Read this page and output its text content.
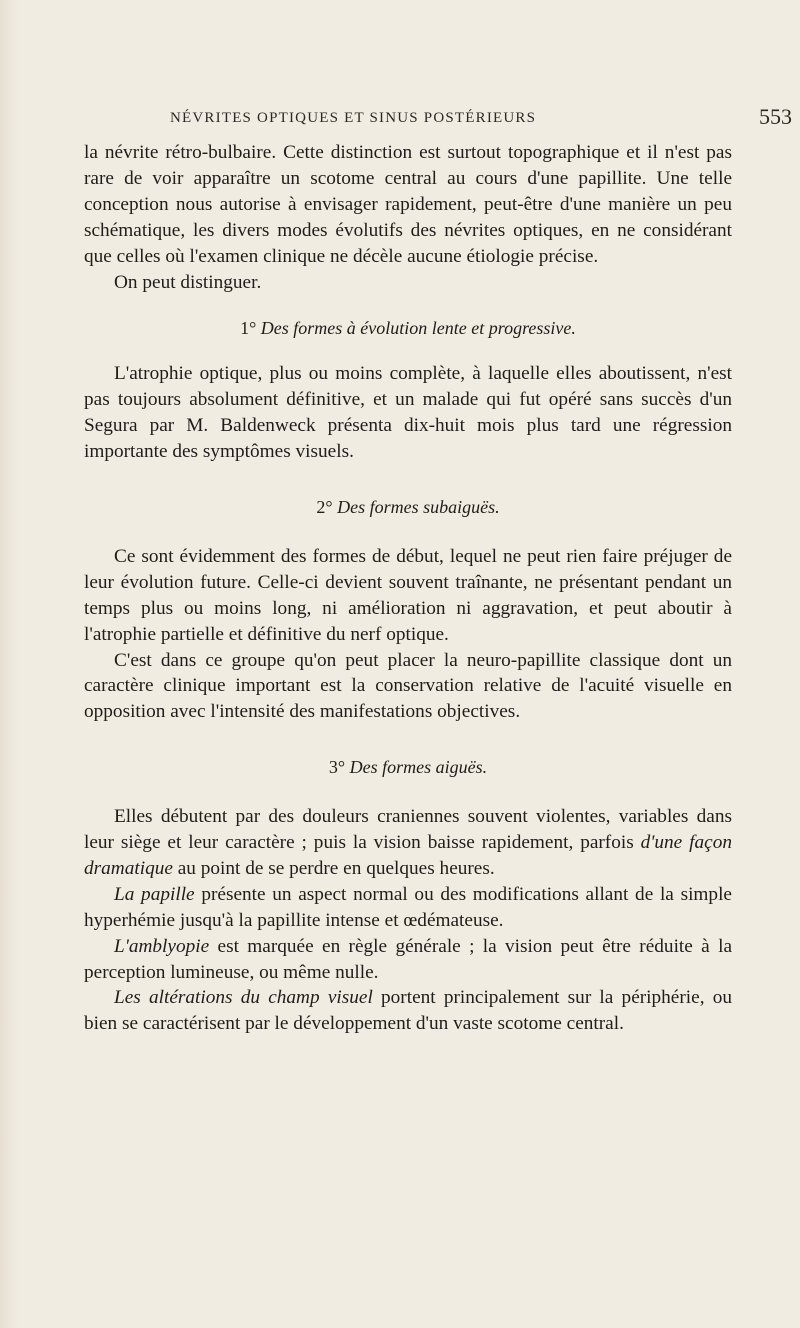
NÉVRITES OPTIQUES ET SINUS POSTÉRIEURS	553

la névrite rétro-bulbaire. Cette distinction est surtout topographique et il n'est pas rare de voir apparaître un scotome central au cours d'une papillite. Une telle conception nous autorise à envisager rapidement, peut-être d'une manière un peu schématique, les divers modes évolutifs des névrites optiques, en ne considérant que celles où l'examen clinique ne décèle aucune étiologie précise.

On peut distinguer.

1° Des formes à évolution lente et progressive.

L'atrophie optique, plus ou moins complète, à laquelle elles aboutissent, n'est pas toujours absolument définitive, et un malade qui fut opéré sans succès d'un Segura par M. Baldenweck présenta dix-huit mois plus tard une régression importante des symptômes visuels.

2° Des formes subaiguës.

Ce sont évidemment des formes de début, lequel ne peut rien faire préjuger de leur évolution future. Celle-ci devient souvent traînante, ne présentant pendant un temps plus ou moins long, ni amélioration ni aggravation, et peut aboutir à l'atrophie partielle et définitive du nerf optique.

C'est dans ce groupe qu'on peut placer la neuro-papillite classique dont un caractère clinique important est la conservation relative de l'acuité visuelle en opposition avec l'intensité des manifestations objectives.

3° Des formes aiguës.

Elles débutent par des douleurs craniennes souvent violentes, variables dans leur siège et leur caractère ; puis la vision baisse rapidement, parfois d'une façon dramatique au point de se perdre en quelques heures.

La papille présente un aspect normal ou des modifications allant de la simple hyperhémie jusqu'à la papillite intense et œdémateuse.

L'amblyopie est marquée en règle générale ; la vision peut être réduite à la perception lumineuse, ou même nulle.

Les altérations du champ visuel portent principalement sur la périphérie, ou bien se caractérisent par le développement d'un vaste scotome central.
